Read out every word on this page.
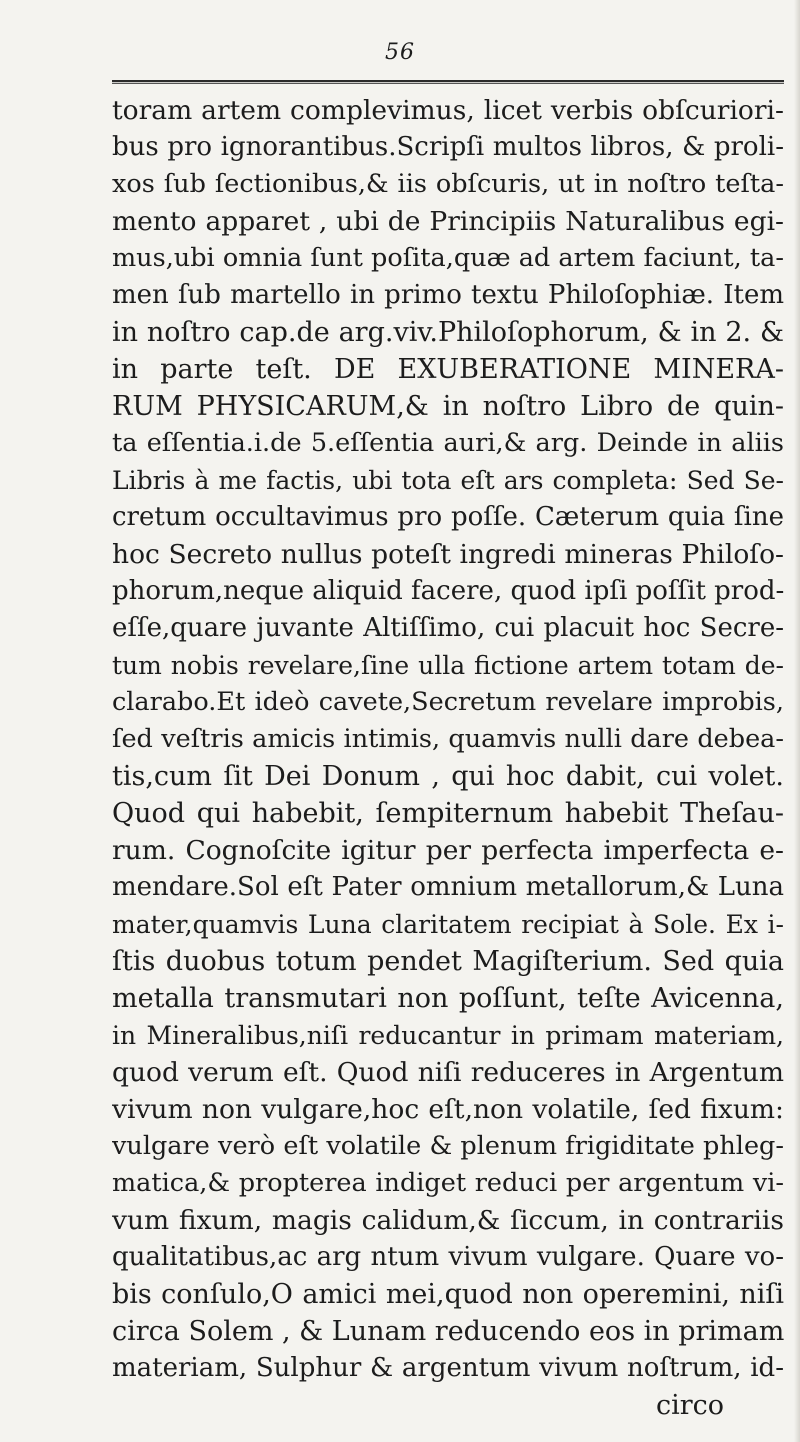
56
toram artem complevimus, licet verbis obſcuriori-
bus pro ignorantibus.Scripſi multos libros, & proli-
xos ſub ſectionibus,& iis obſcuris, ut in noſtro teſta-
mento apparet , ubi de Principiis Naturalibus egi-
mus,ubi omnia ſunt poſita,quæ ad artem faciunt, ta-
men ſub martello in primo textu Philoſophiæ. Item
in noſtro cap.de arg.viv.Philoſophorum, & in 2. &
in parte teſt. DE EXUBERATIONE MINERA-
RUM PHYSICARUM,& in noſtro Libro de quin-
ta eſſentia.i.de 5.eſſentia auri,& arg. Deinde in aliis
Libris à me factis, ubi tota eſt ars completa: Sed Se-
cretum occultavimus pro poſſe. Cæterum quia ſine
hoc Secreto nullus poteſt ingredi mineras Philoſo-
phorum,neque aliquid facere, quod ipſi poſſit prod-
eſſe,quare juvante Altiſſimo, cui placuit hoc Secre-
tum nobis revelare,ſine ulla fictione artem totam de-
clarabo.Et ideò cavete,Secretum revelare improbis,
ſed veſtris amicis intimis, quamvis nulli dare debea-
tis,cum ſit Dei Donum , qui hoc dabit, cui volet.
Quod qui habebit, ſempiternum habebit Theſau-
rum. Cognoſcite igitur per perfecta imperfecta e-
mendare.Sol eſt Pater omnium metallorum,& Luna
mater,quamvis Luna claritatem recipiat à Sole. Ex i-
ſtis duobus totum pendet Magiſterium. Sed quia
metalla transmutari non poſſunt, teſte Avicenna,
in Mineralibus,niſi reducantur in primam materiam,
quod verum eſt. Quod niſi reduceres in Argentum
vivum non vulgare,hoc eſt,non volatile, ſed fixum:
vulgare verò eſt volatile & plenum frigiditate phleg-
matica,& propterea indiget reduci per argentum vi-
vum fixum, magis calidum,& ſiccum, in contrariis
qualitatibus,ac arg ntum vivum vulgare. Quare vo-
bis conſulo,O amici mei,quod non operemini, niſi
circa Solem , & Lunam reducendo eos in primam
materiam, Sulphur & argentum vivum noſtrum, id-
circo
